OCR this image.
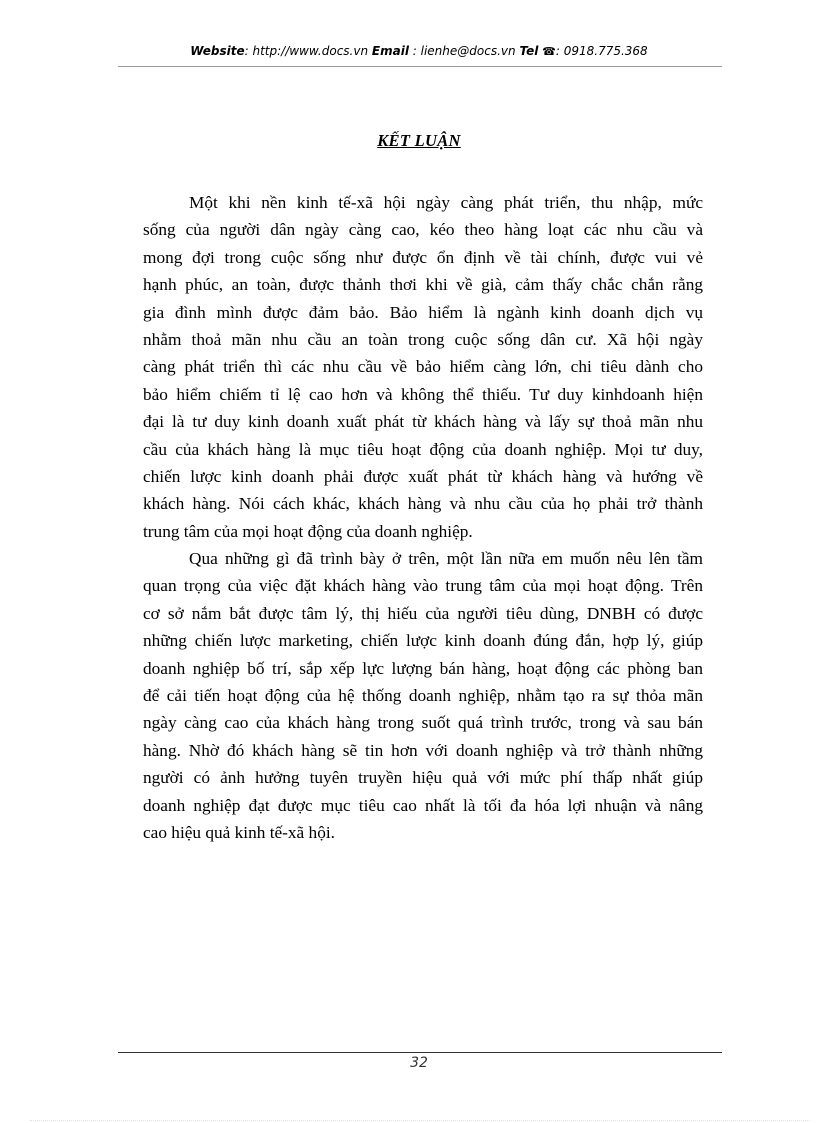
Website: http://www.docs.vn Email : lienhe@docs.vn Tel ☎: 0918.775.368
KẾT LUẬN
Một khi nền kinh tế-xã hội ngày càng phát triển, thu nhập, mức
sống của người dân ngày càng cao, kéo theo hàng loạt các nhu cầu và
mong đợi trong cuộc sống như được ổn định về tài chính, được vui vẻ
hạnh phúc, an toàn, được thảnh thơi khi về già, cảm thấy chắc chắn rằng
gia đình mình được đảm bảo. Bảo hiểm là ngành kinh doanh dịch vụ
nhằm thoả mãn nhu cầu an toàn trong cuộc sống dân cư. Xã hội ngày
càng phát triển thì các nhu cầu về bảo hiểm càng lớn, chi tiêu dành cho
bảo hiểm chiếm tỉ lệ cao hơn và không thể thiếu. Tư duy kinhdoanh hiện
đại là tư duy kinh doanh xuất phát từ khách hàng và lấy sự thoả mãn nhu
cầu của khách hàng là mục tiêu hoạt động của doanh nghiệp. Mọi tư duy,
chiến lược kinh doanh phải được xuất phát từ khách hàng và hướng về
khách hàng. Nói cách khác, khách hàng và nhu cầu của họ phải trở thành
trung tâm của mọi hoạt động của doanh nghiệp.
Qua những gì đã trình bày ở trên, một lần nữa em muốn nêu lên tầm
quan trọng của việc đặt khách hàng vào trung tâm của mọi hoạt động. Trên
cơ sở nắm bắt được tâm lý, thị hiếu của người tiêu dùng, DNBH có được
những chiến lược marketing, chiến lược kinh doanh đúng đắn, hợp lý, giúp
doanh nghiệp bố trí, sắp xếp lực lượng bán hàng, hoạt động các phòng ban
để cải tiến hoạt động của hệ thống doanh nghiệp, nhằm tạo ra sự thỏa mãn
ngày càng cao của khách hàng trong suốt quá trình trước, trong và sau bán
hàng. Nhờ đó khách hàng sẽ tin hơn với doanh nghiệp và trở thành những
người có ảnh hưởng tuyên truyền hiệu quả với mức phí thấp nhất giúp
doanh nghiệp đạt được mục tiêu cao nhất là tối đa hóa lợi nhuận và nâng
cao hiệu quả kinh tế-xã hội.
32
